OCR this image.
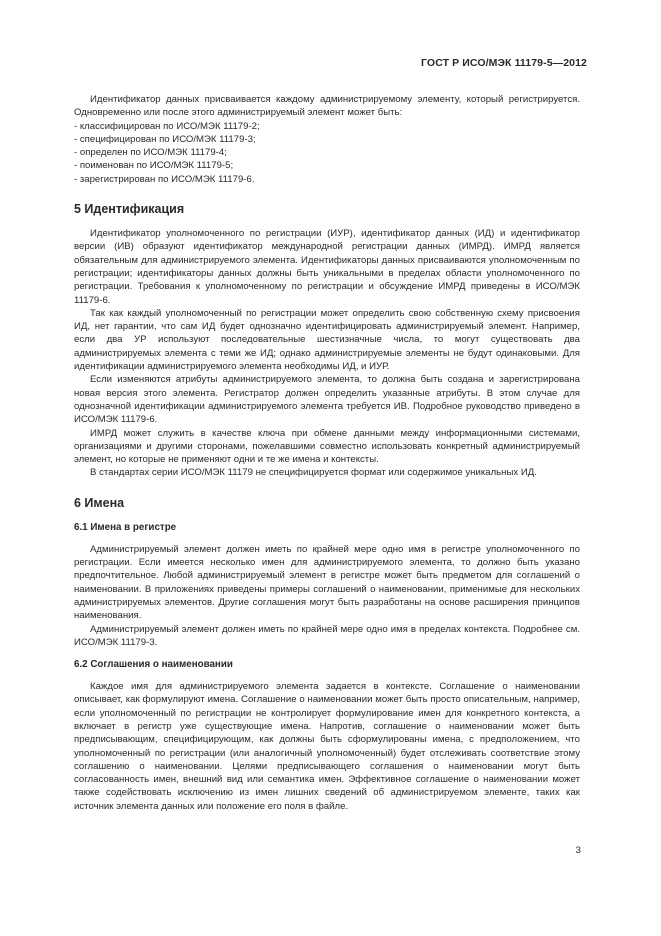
ГОСТ Р ИСО/МЭК 11179-5—2012

Идентификатор данных присваивается каждому администрируемому элементу, который регистрируется. Одновременно или после этого администрируемый элемент может быть:

- классифицирован по ИСО/МЭК 11179-2;
- специфицирован по ИСО/МЭК 11179-3;
- определен по ИСО/МЭК 11179-4;
- поименован по ИСО/МЭК 11179-5;
- зарегистрирован по ИСО/МЭК 11179-6.
5 Идентификация

Идентификатор уполномоченного по регистрации (ИУР), идентификатор данных (ИД) и идентификатор версии (ИВ) образуют идентификатор международной регистрации данных (ИМРД). ИМРД является обязательным для администрируемого элемента. Идентификаторы данных присваиваются уполномоченным по регистрации; идентификаторы данных должны быть уникальными в пределах области уполномоченного по регистрации. Требования к уполномоченному по регистрации и обсуждение ИМРД приведены в ИСО/МЭК 11179-6.

Так как каждый уполномоченный по регистрации может определить свою собственную схему присвоения ИД, нет гарантии, что сам ИД будет однозначно идентифицировать администрируемый элемент. Например, если два УР используют последовательные шестизначные числа, то могут существовать два администрируемых элемента с теми же ИД; однако администрируемые элементы не будут одинаковыми. Для идентификации администрируемого элемента необходимы ИД, и ИУР.

Если изменяются атрибуты администрируемого элемента, то должна быть создана и зарегистрирована новая версия этого элемента. Регистратор должен определить указанные атрибуты. В этом случае для однозначной идентификации администрируемого элемента требуется ИВ. Подробное руководство приведено в ИСО/МЭК 11179-6.

ИМРД может служить в качестве ключа при обмене данными между информационными системами, организациями и другими сторонами, пожелавшими совместно использовать конкретный администрируемый элемент, но которые не применяют одни и те же имена и контексты.

В стандартах серии ИСО/МЭК 11179 не специфицируется формат или содержимое уникальных ИД.

6 Имена
6.1 Имена в регистре

Администрируемый элемент должен иметь по крайней мере одно имя в регистре уполномоченного по регистрации. Если имеется несколько имен для администрируемого элемента, то должно быть указано предпочтительное. Любой администрируемый элемент в регистре может быть предметом для соглашений о наименовании. В приложениях приведены примеры соглашений о наименовании, применимые для нескольких администрируемых элементов. Другие соглашения могут быть разработаны на основе расширения принципов наименования.

Администрируемый элемент должен иметь по крайней мере одно имя в пределах контекста. Подробнее см. ИСО/МЭК 11179-3.

6.2 Соглашения о наименовании

Каждое имя для администрируемого элемента задается в контексте. Соглашение о наименовании описывает, как формулируют имена. Соглашение о наименовании может быть просто описательным, например, если уполномоченный по регистрации не контролирует формулирование имен для конкретного контекста, а включает в регистр уже существующие имена. Напротив, соглашение о наименовании может быть предписывающим, специфицирующим, как должны быть сформулированы имена, с предположением, что уполномоченный по регистрации (или аналогичный уполномоченный) будет отслеживать соответствие этому соглашению о наименовании. Целями предписывающего соглашения о наименовании могут быть согласованность имен, внешний вид или семантика имен. Эффективное соглашение о наименовании может также содействовать исключению из имен лишних сведений об администрируемом элементе, таких как источник элемента данных или положение его поля в файле.

3
